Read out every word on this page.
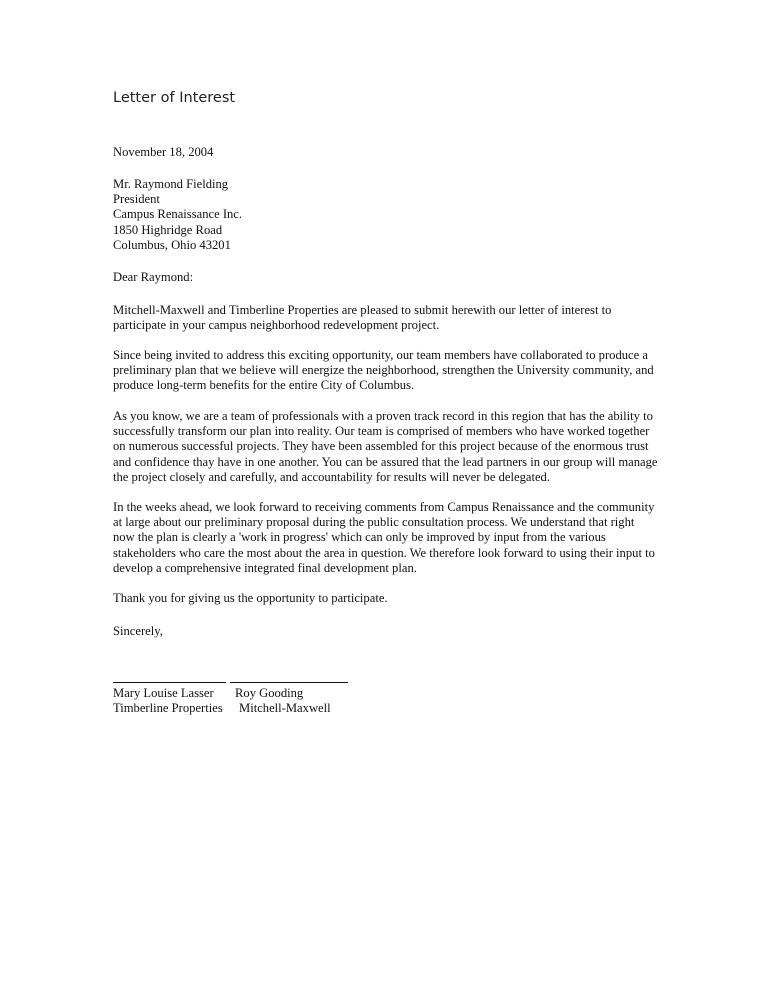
Letter of Interest

November 18, 2004

Mr. Raymond Fielding
President
Campus Renaissance Inc.
1850 Highridge Road
Columbus, Ohio 43201

Dear Raymond:

Mitchell-Maxwell and Timberline Properties are pleased to submit herewith our letter of interest to participate in your campus neighborhood redevelopment project.

Since being invited to address this exciting opportunity, our team members have collaborated to produce a preliminary plan that we believe will energize the neighborhood, strengthen the University community, and produce long-term benefits for the entire City of Columbus.

As you know, we are a team of professionals with a proven track record in this region that has the ability to successfully transform our plan into reality. Our team is comprised of members who have worked together on numerous successful projects. They have been assembled for this project because of the enormous trust and confidence thay have in one another. You can be assured that the lead partners in our group will manage the project closely and carefully, and accountability for results will never be delegated.

In the weeks ahead, we look forward to receiving comments from Campus Renaissance and the community at large about our preliminary proposal during the public consultation process. We understand that right now the plan is clearly a 'work in progress' which can only be improved by input from the various stakeholders who care the most about the area in question. We therefore look forward to using their input to develop a comprehensive integrated final development plan.

Thank you for giving us the opportunity to participate.

Sincerely,

Mary Louise Lasser Roy Gooding
Timberline Properties Mitchell-Maxwell
